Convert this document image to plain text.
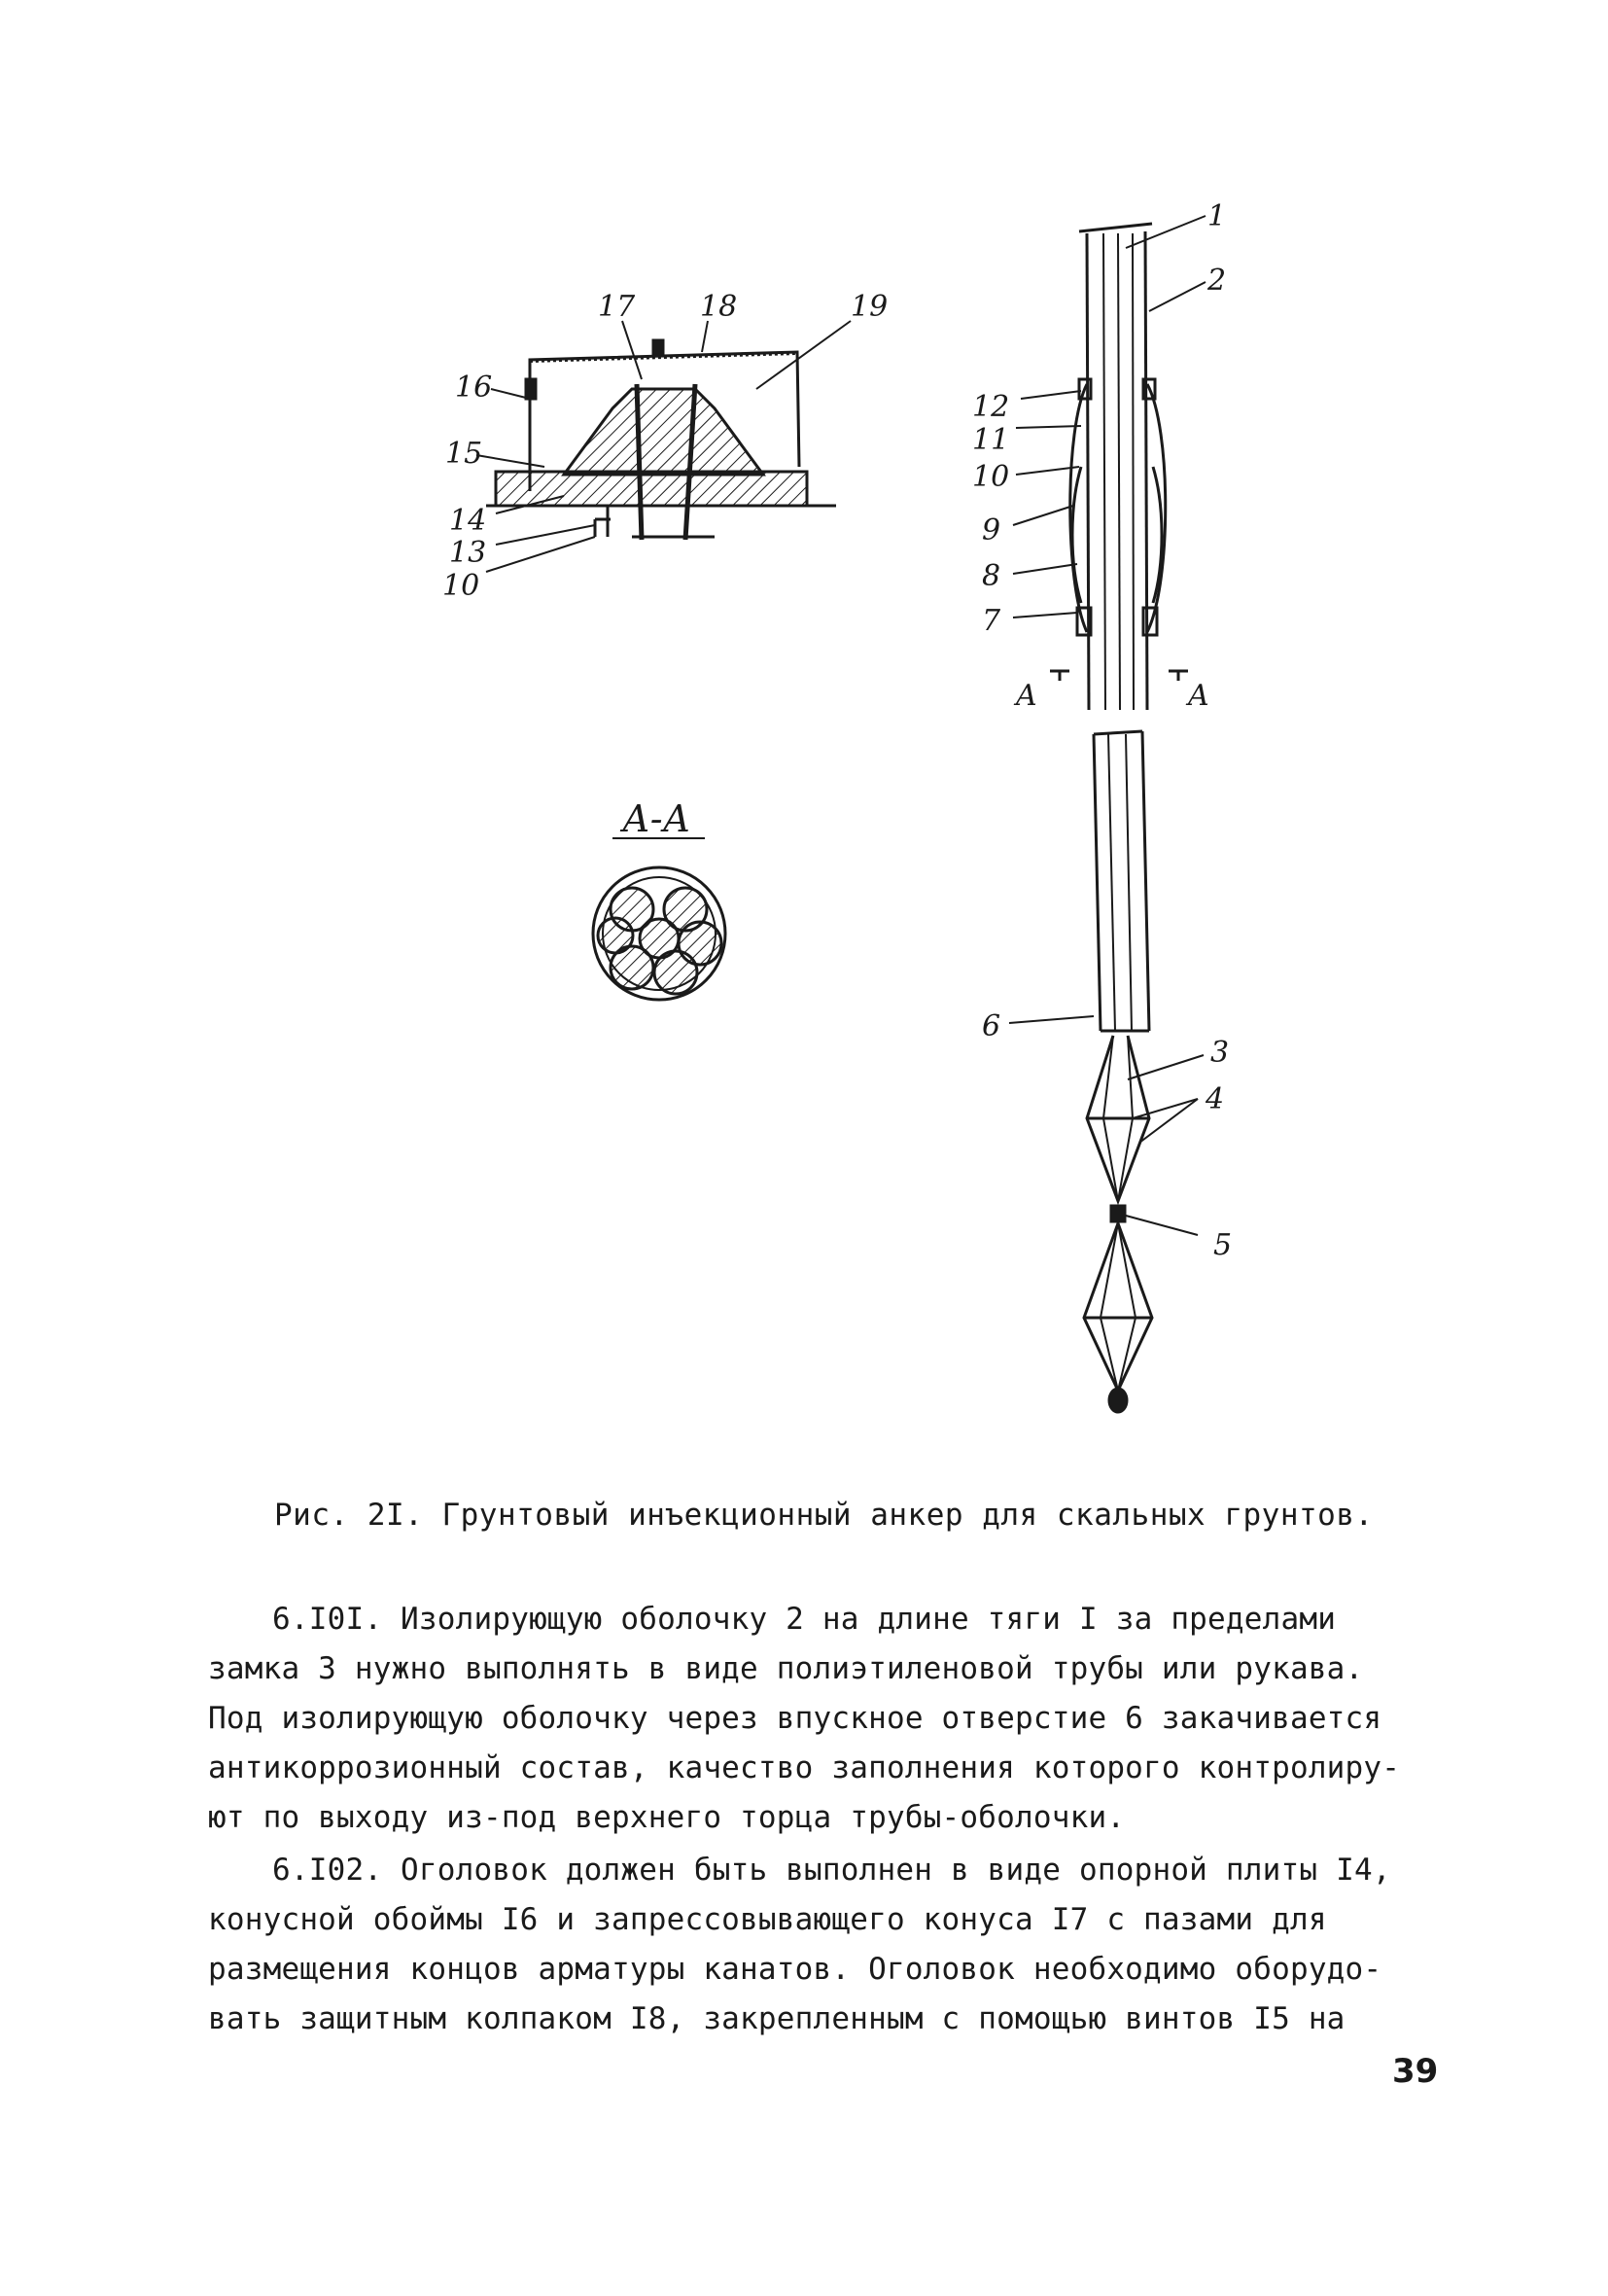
17 18	19
16
15
14
13
10
А-А
1
2
12
11
10
9
8
7
A	A
6
3
4
5
Рис. 2I. Грунтовый инъекционный анкер для скальных грунтов.

6.I0I. Изолирующую оболочку 2 на длине тяги I за пределами
замка 3 нужно выполнять в виде полиэтиленовой трубы или рукава.
Под изолирующую оболочку через впускное отверстие 6 закачивается
антикоррозионный состав, качество заполнения которого контролиру-
ют по выходу из-под верхнего торца трубы-оболочки.

6.I02. Оголовок должен быть выполнен в виде опорной плиты I4,
конусной обоймы I6 и запрессовывающего конуса I7 с пазами для
размещения концов арматуры канатов. Оголовок необходимо оборудо-
вать защитным колпаком I8, закрепленным с помощью винтов I5 на

39
